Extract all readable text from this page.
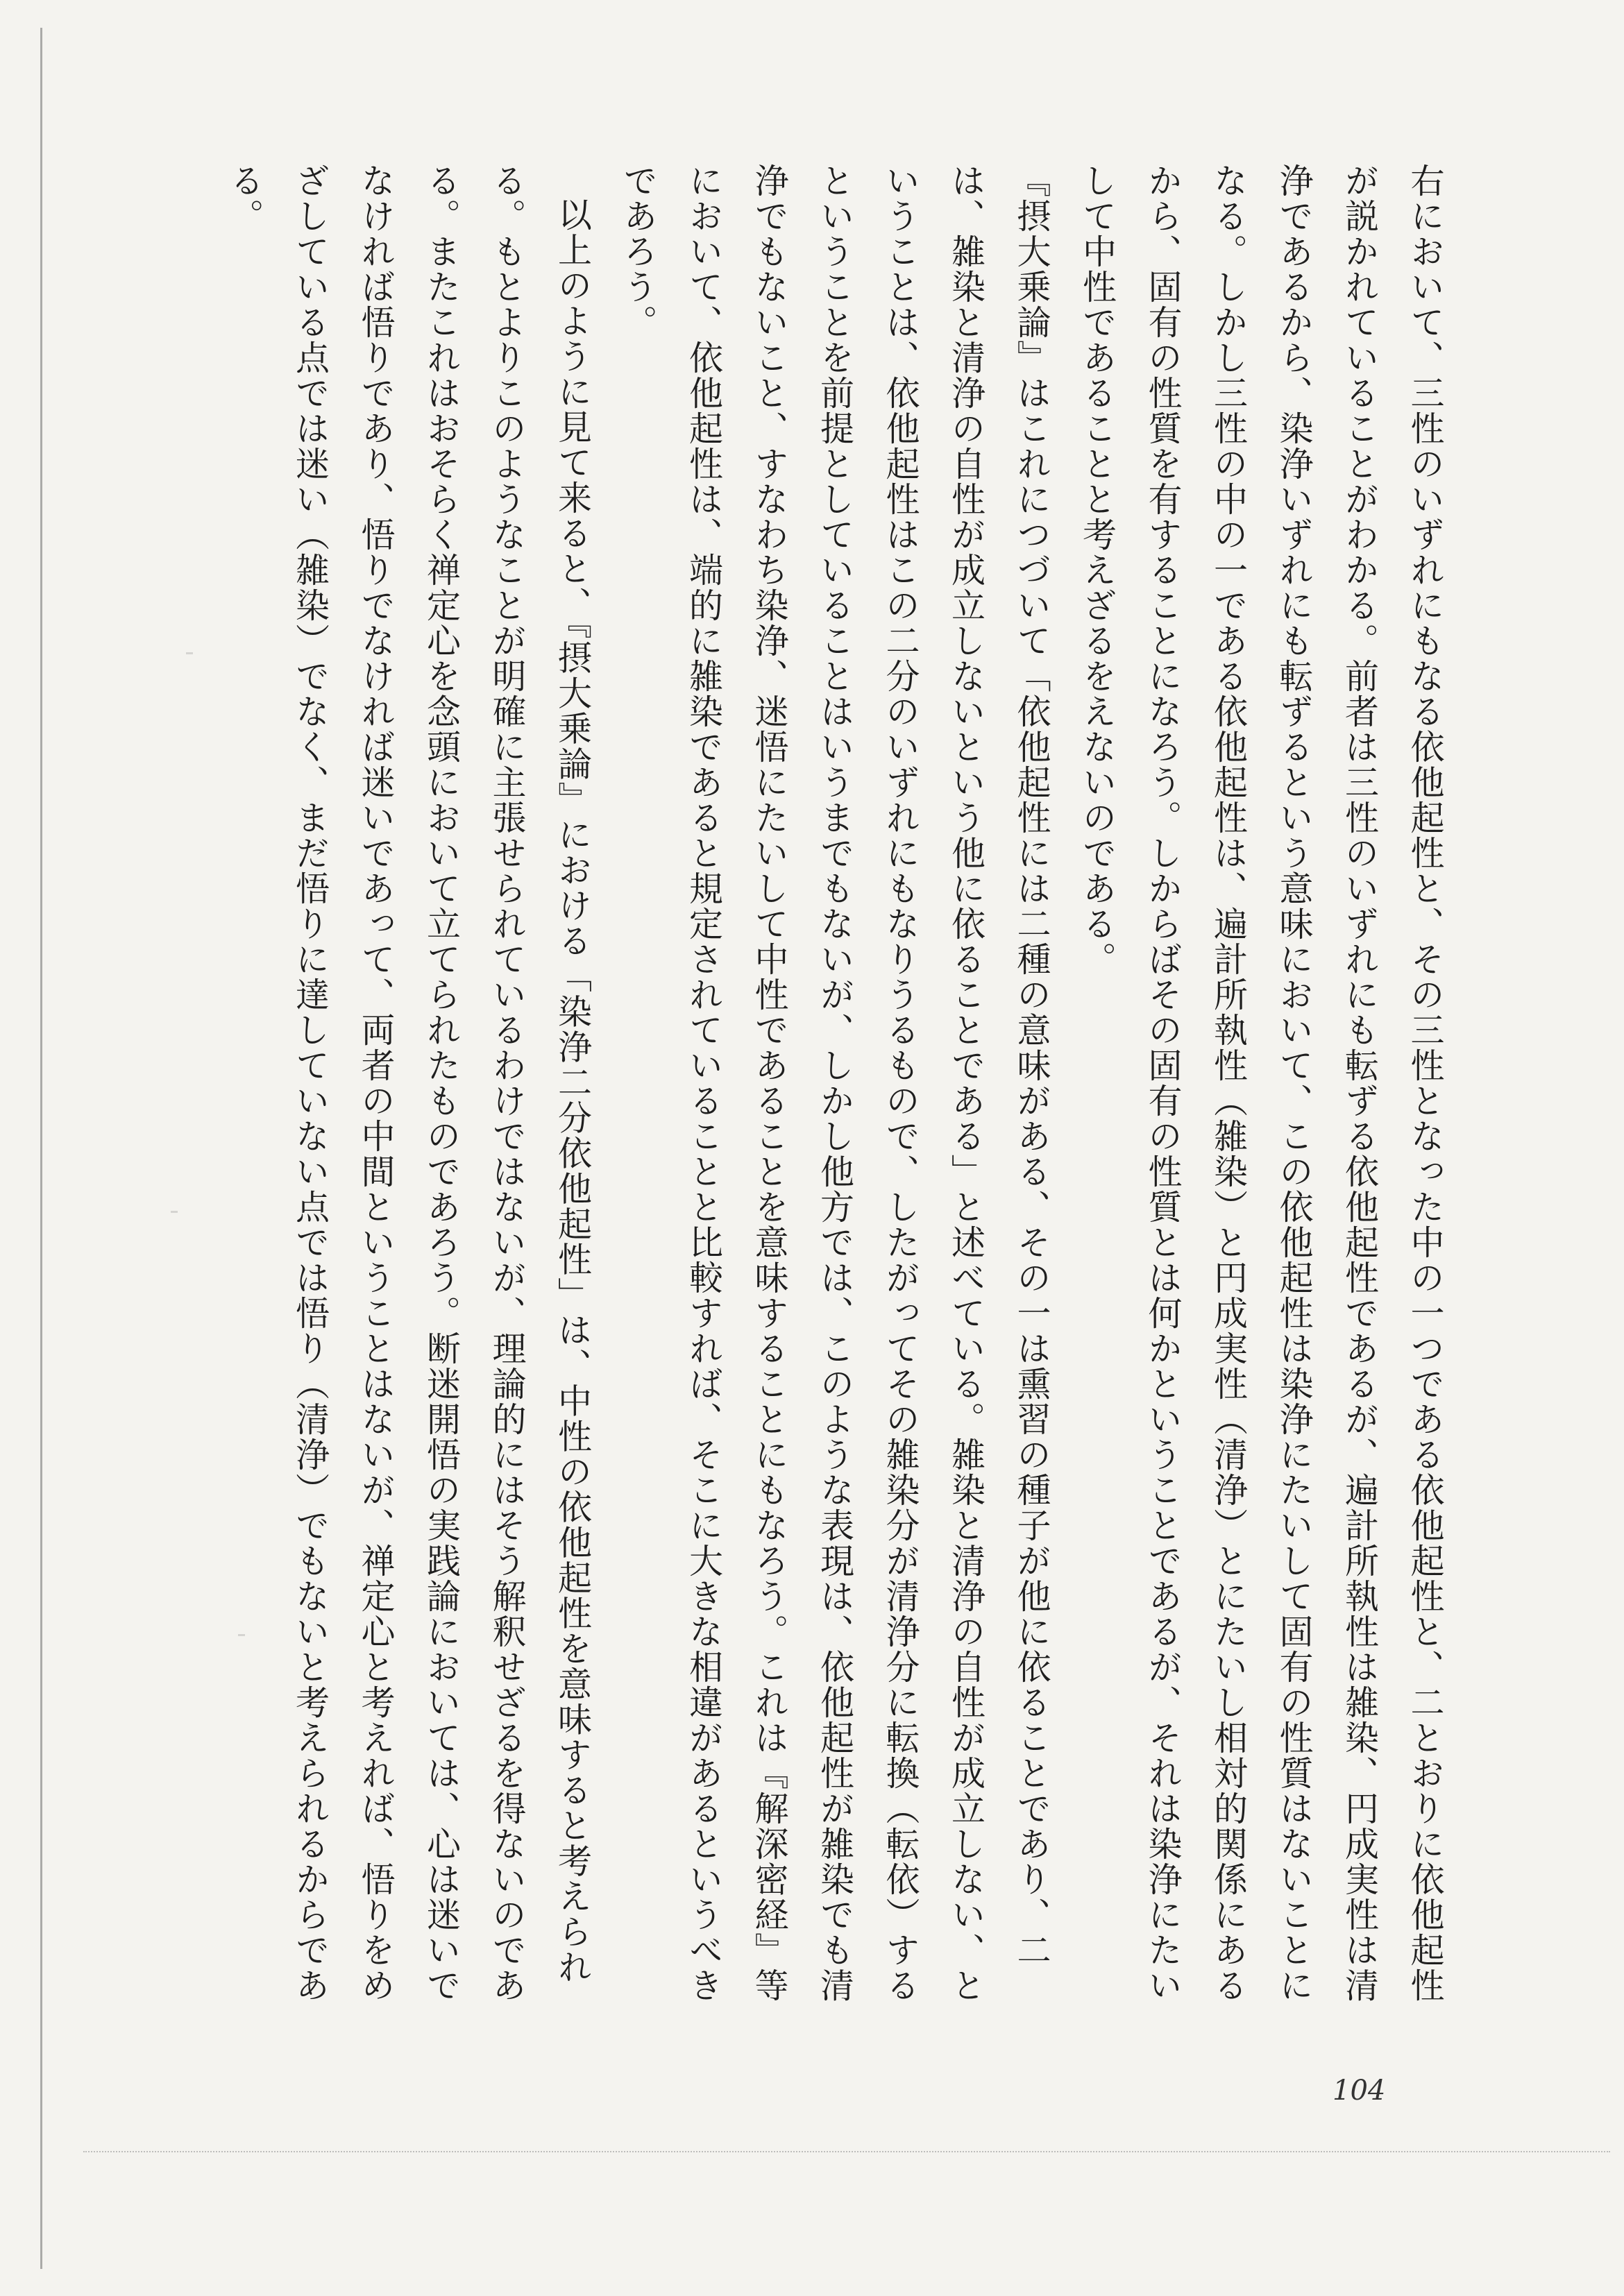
右において、三性のいずれにもなる依他起性と、その三性となった中の一つである依他起性と、二とおりに依他起性が説かれていることがわかる。前者は三性のいずれにも転ずる依他起性であるが、遍計所執性は雑染、円成実性は清浄であるから、染浄いずれにも転ずるという意味において、この依他起性は染浄にたいして固有の性質はないことになる。しかし三性の中の一である依他起性は、遍計所執性（雑染）と円成実性（清浄）とにたいし相対的関係にあるから、固有の性質を有することになろう。しからばその固有の性質とは何かということであるが、それは染浄にたいして中性であることと考えざるをえないのである。

『摂大乗論』はこれにつづいて「依他起性には二種の意味がある、その一は熏習の種子が他に依ることであり、二は、雑染と清浄の自性が成立しないという他に依ることである」と述べている。雑染と清浄の自性が成立しない、ということは、依他起性はこの二分のいずれにもなりうるもので、したがってその雑染分が清浄分に転換（転依）するということを前提としていることはいうまでもないが、しかし他方では、このような表現は、依他起性が雑染でも清浄でもないこと、すなわち染浄、迷悟にたいして中性であることを意味することにもなろう。これは『解深密経』等において、依他起性は、端的に雑染であると規定されていることと比較すれば、そこに大きな相違があるというべきであろう。

以上のように見て来ると、『摂大乗論』における「染浄二分依他起性」は、中性の依他起性を意味すると考えられる。もとよりこのようなことが明確に主張せられているわけではないが、理論的にはそう解釈せざるを得ないのである。またこれはおそらく禅定心を念頭において立てられたものであろう。断迷開悟の実践論においては、心は迷いでなければ悟りであり、悟りでなければ迷いであって、両者の中間ということはないが、禅定心と考えれば、悟りをめざしている点では迷い（雑染）でなく、まだ悟りに達していない点では悟り（清浄）でもないと考えられるからである。

104
